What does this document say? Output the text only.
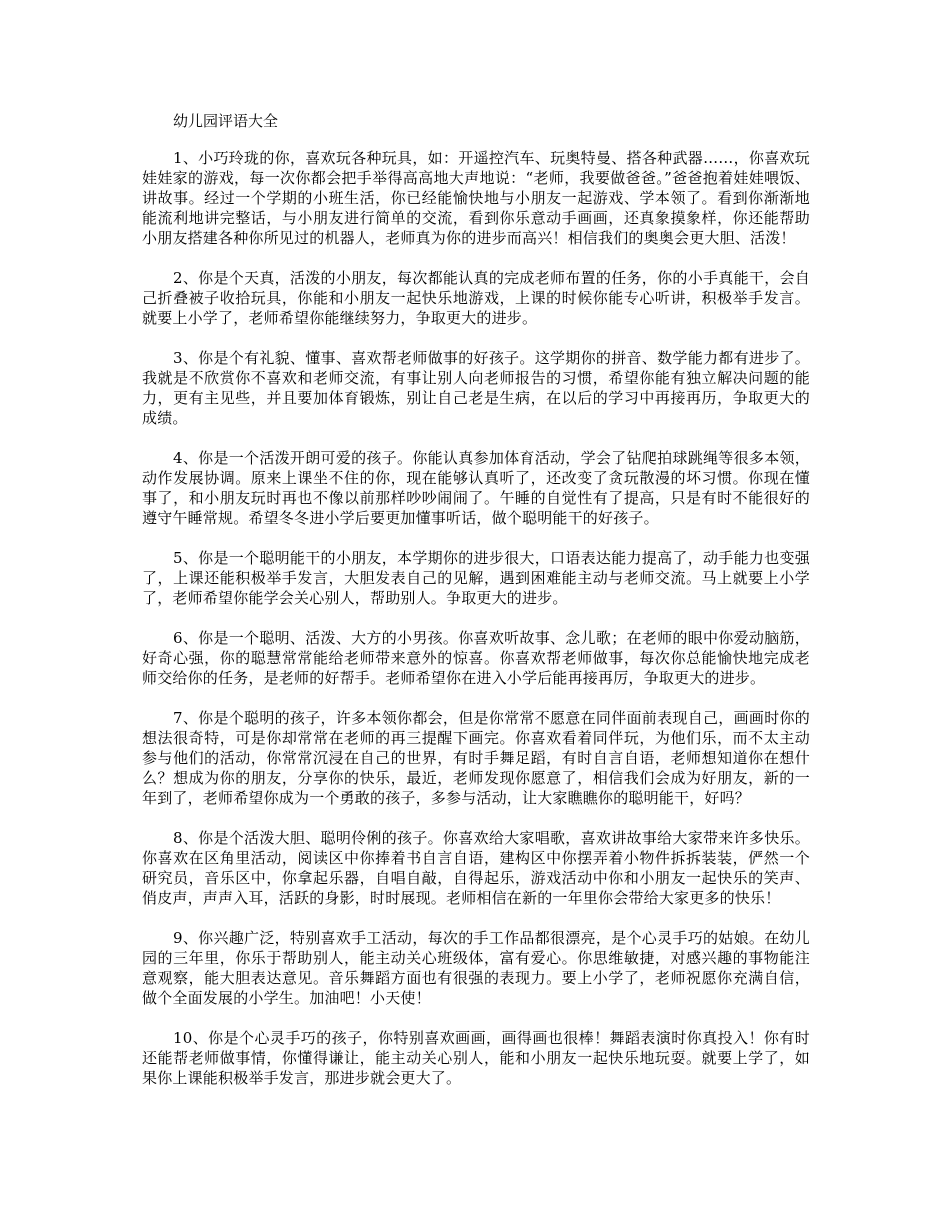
幼儿园评语大全

1、小巧玲珑的你，喜欢玩各种玩具，如：开遥控汽车、玩奥特曼、搭各种武器……，你喜欢玩娃娃家的游戏，每一次你都会把手举得高高地大声地说：“老师，我要做爸爸。”爸爸抱着娃娃喂饭、讲故事。经过一个学期的小班生活，你已经能愉快地与小朋友一起游戏、学本领了。看到你渐渐地能流利地讲完整话，与小朋友进行简单的交流，看到你乐意动手画画，还真象摸象样，你还能帮助小朋友搭建各种你所见过的机器人，老师真为你的进步而高兴！相信我们的奥奥会更大胆、活泼！

2、你是个天真，活泼的小朋友，每次都能认真的完成老师布置的任务，你的小手真能干，会自己折叠被子收拾玩具，你能和小朋友一起快乐地游戏，上课的时候你能专心听讲，积极举手发言。就要上小学了，老师希望你能继续努力，争取更大的进步。

3、你是个有礼貌、懂事、喜欢帮老师做事的好孩子。这学期你的拼音、数学能力都有进步了。我就是不欣赏你不喜欢和老师交流，有事让别人向老师报告的习惯，希望你能有独立解决问题的能力，更有主见些，并且要加体育锻炼，别让自己老是生病，在以后的学习中再接再历，争取更大的成绩。

4、你是一个活泼开朗可爱的孩子。你能认真参加体育活动，学会了钻爬拍球跳绳等很多本领，动作发展协调。原来上课坐不住的你，现在能够认真听了，还改变了贪玩散漫的坏习惯。你现在懂事了，和小朋友玩时再也不像以前那样吵吵闹闹了。午睡的自觉性有了提高，只是有时不能很好的遵守午睡常规。希望冬冬进小学后要更加懂事听话，做个聪明能干的好孩子。

5、你是一个聪明能干的小朋友，本学期你的进步很大，口语表达能力提高了，动手能力也变强了，上课还能积极举手发言，大胆发表自己的见解，遇到困难能主动与老师交流。马上就要上小学了，老师希望你能学会关心别人，帮助别人。争取更大的进步。

6、你是一个聪明、活泼、大方的小男孩。你喜欢听故事、念儿歌；在老师的眼中你爱动脑筋，好奇心强，你的聪慧常常能给老师带来意外的惊喜。你喜欢帮老师做事，每次你总能愉快地完成老师交给你的任务，是老师的好帮手。老师希望你在进入小学后能再接再厉，争取更大的进步。

7、你是个聪明的孩子，许多本领你都会，但是你常常不愿意在同伴面前表现自己，画画时你的想法很奇特，可是你却常常在老师的再三提醒下画完。你喜欢看着同伴玩，为他们乐，而不太主动参与他们的活动，你常常沉浸在自己的世界，有时手舞足蹈，有时自言自语，老师想知道你在想什么？想成为你的朋友，分享你的快乐，最近，老师发现你愿意了，相信我们会成为好朋友，新的一年到了，老师希望你成为一个勇敢的孩子，多参与活动，让大家瞧瞧你的聪明能干，好吗？

8、你是个活泼大胆、聪明伶俐的孩子。你喜欢给大家唱歌，喜欢讲故事给大家带来许多快乐。你喜欢在区角里活动，阅读区中你捧着书自言自语，建构区中你摆弄着小物件拆拆装装，俨然一个研究员，音乐区中，你拿起乐器，自唱自敲，自得起乐，游戏活动中你和小朋友一起快乐的笑声、俏皮声，声声入耳，活跃的身影，时时展现。老师相信在新的一年里你会带给大家更多的快乐！

9、你兴趣广泛，特别喜欢手工活动，每次的手工作品都很漂亮，是个心灵手巧的姑娘。在幼儿园的三年里，你乐于帮助别人，能主动关心班级体，富有爱心。你思维敏捷，对感兴趣的事物能注意观察，能大胆表达意见。音乐舞蹈方面也有很强的表现力。要上小学了，老师祝愿你充满自信，做个全面发展的小学生。加油吧！小天使！

10、你是个心灵手巧的孩子，你特别喜欢画画，画得画也很棒！舞蹈表演时你真投入！你有时还能帮老师做事情，你懂得谦让，能主动关心别人，能和小朋友一起快乐地玩耍。就要上学了，如果你上课能积极举手发言，那进步就会更大了。
